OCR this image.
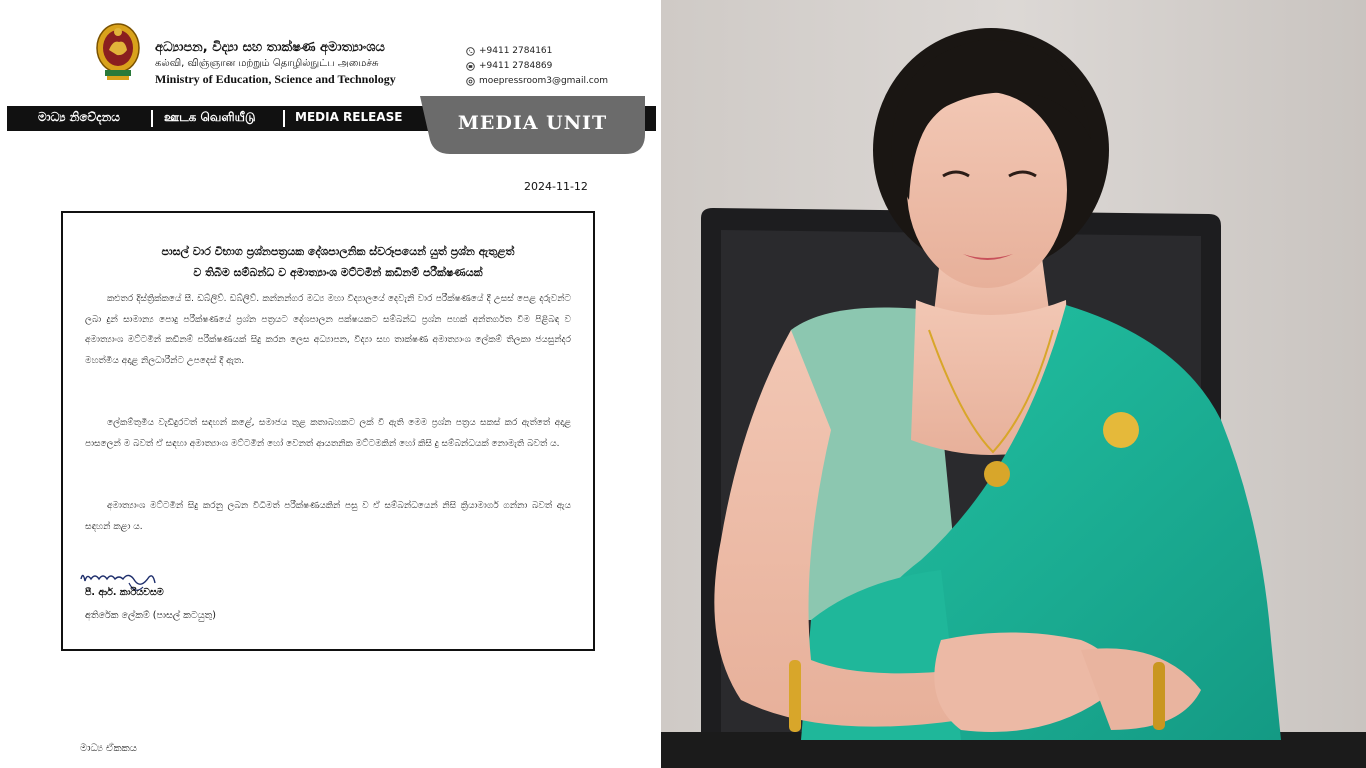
අධ්‍යාපන, විද්‍යා සහ තාක්ෂණ අමාත්‍යාංශය
கல்வி, விஞ்ஞான மற்றும் தொழில்நுட்ப அமைச்சு
Ministry of Education, Science and Technology
+9411 2784161
+9411 2784869
moepressroom3@gmail.com
මාධ්‍ය නිවේදනය	ஊடக வெளியீடு	MEDIA RELEASE	MEDIA UNIT
2024-11-12
පාසල් වාර විභාග ප්‍රශ්නපත්‍රයක දේශපාලනික ස්වරූපයෙන් යුත් ප්‍රශ්න ඇතුළත්
ව තිබීම සම්බන්ධ ව අමාත්‍යාංශ මට්ටමින් කඩිනම් පරීක්ෂණයක්
කළුතර දිස්ත්‍රික්කයේ සී. ඩබ්ලිව්. ඩබ්ලිව්. කන්නන්ගර මධ්‍ය මහා විද්‍යාලයේ දෙවැනි වාර පරීක්ෂණයේ දී උසස් පෙළ දරුවන්ට ලබා දුන් සාමාන්‍ය පොදු පරීක්ෂණයේ ප්‍රශ්න පත්‍රයට දේශපාලන පක්ෂයකට සම්බන්ධ ප්‍රශ්න පහක් අන්තර්ගත වීම පිළිබඳ ව අමාත්‍යාංශ මට්ටමින් කඩිනම් පරීක්ෂණයක් සිදු කරන ලෙස අධ්‍යාපන, විද්‍යා සහ තාක්ෂණ අමාත්‍යාංශ ලේකම් තිලකා ජයසුන්දර මහත්මිය අදාළ නිලධාරීන්ට උපදෙස් දී ඇත.
ලේකම්තුමිය වැඩිදුරටත් සඳහන් කළේ, සමාජය තුළ කතාබහකට ලක් වී ඇති මෙම ප්‍රශ්න පත්‍රය සකස් කර ඇත්තේ අදාළ පාසලෙන් ම බවත් ඒ සඳහා අමාත්‍යාංශ මට්ටමින් හෝ වෙනත් ආයතනික මට්ටමකින් හෝ කිසි දු සම්බන්ධයක් නොමැති බවත් ය.
අමාත්‍යාංශ මට්ටමින් සිදු කරනු ලබන විධිමත් පරීක්ෂණයකින් පසු ව ඒ සම්බන්ධයෙන් නිසි ක්‍රියාමාර්ග ගන්නා බවත් ඇය සඳහන් කළා ය.
පී. ආර්. කාරියවසම
අතිරේක ලේකම් (පාසල් කටයුතු)
මාධ්‍ය ඒකකය
